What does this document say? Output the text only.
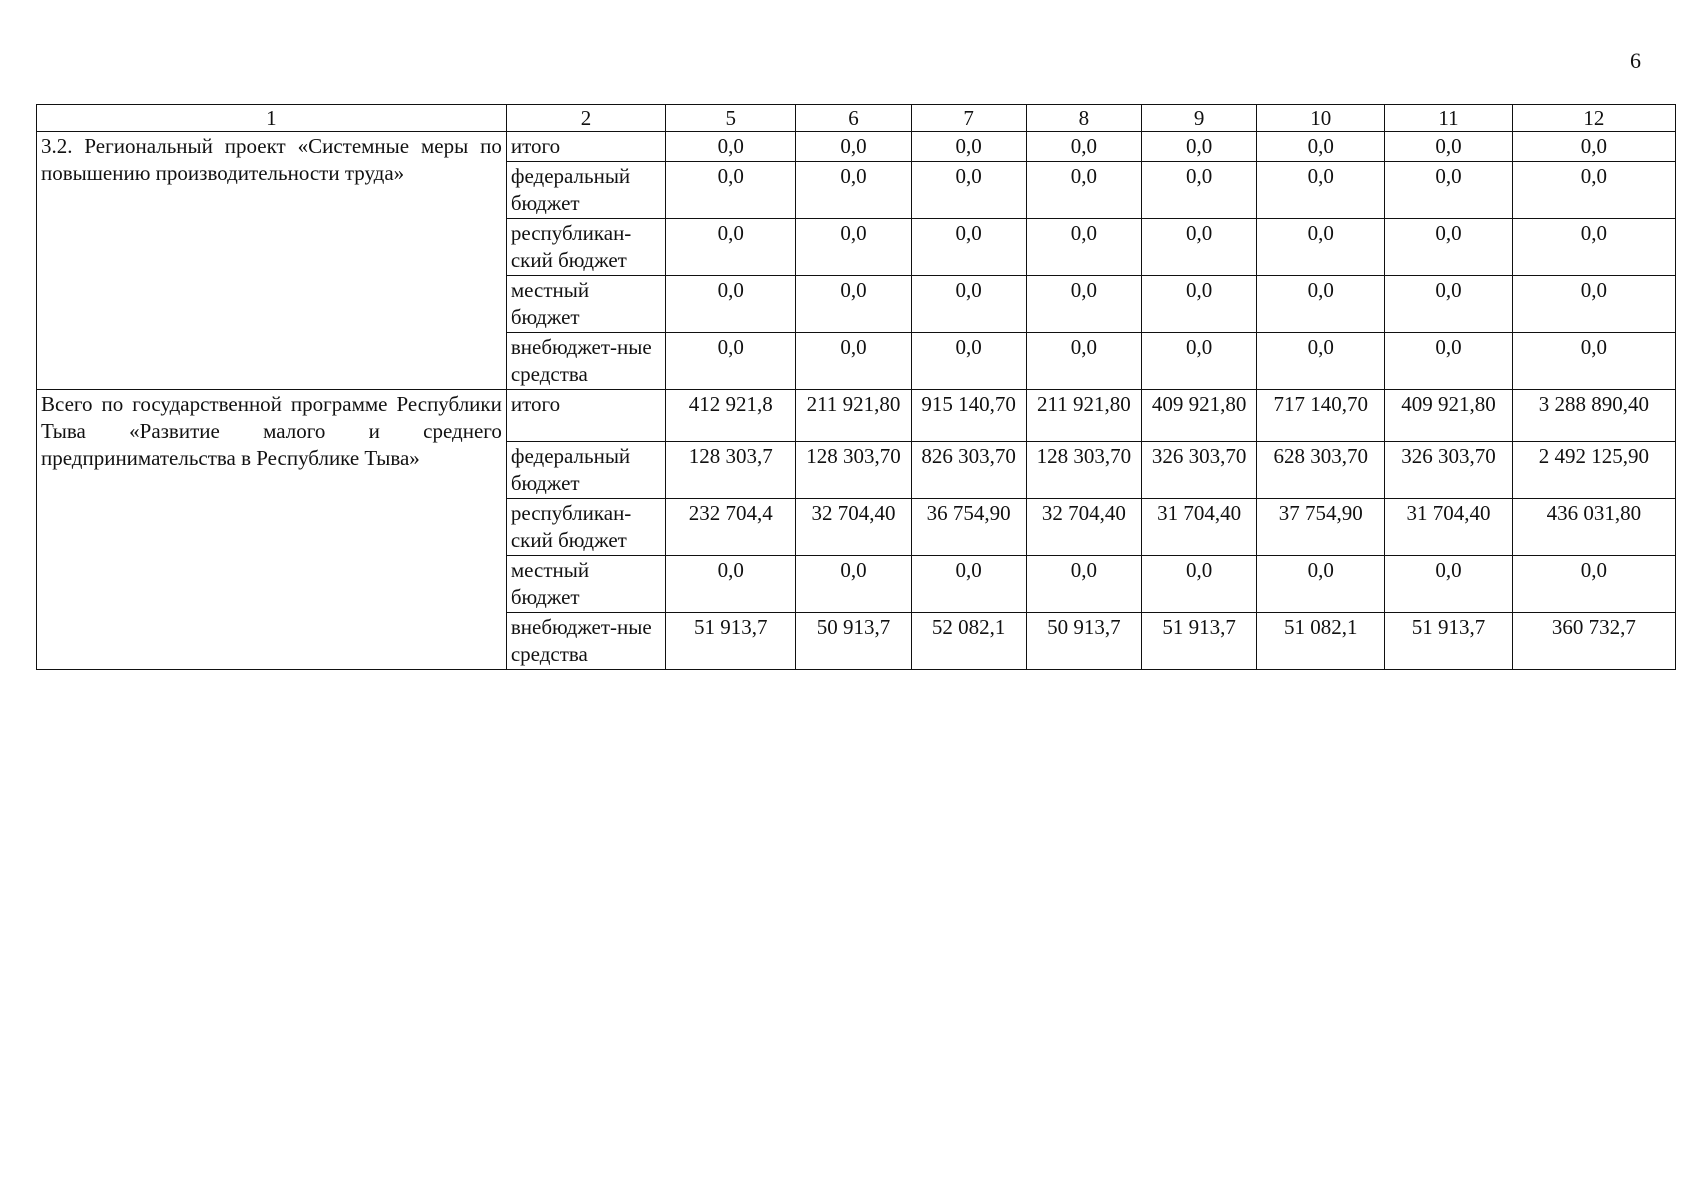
6
1	2	5	6	7	8	9	10	11	12
3.2. Региональный проект «Системные меры по повышению производительности труда»	итого	0,0	0,0	0,0	0,0	0,0	0,0	0,0	0,0
	федеральный бюджет	0,0	0,0	0,0	0,0	0,0	0,0	0,0	0,0
	республикан-ский бюджет	0,0	0,0	0,0	0,0	0,0	0,0	0,0	0,0
	местный бюджет	0,0	0,0	0,0	0,0	0,0	0,0	0,0	0,0
	внебюджет-ные средства	0,0	0,0	0,0	0,0	0,0	0,0	0,0	0,0
Всего по государственной программе Республики Тыва «Развитие малого и среднего предпринимательства в Республике Тыва»	итого	412 921,8	211 921,80	915 140,70	211 921,80	409 921,80	717 140,70	409 921,80	3 288 890,40
	федеральный бюджет	128 303,7	128 303,70	826 303,70	128 303,70	326 303,70	628 303,70	326 303,70	2 492 125,90
	республикан-ский бюджет	232 704,4	32 704,40	36 754,90	32 704,40	31 704,40	37 754,90	31 704,40	436 031,80
	местный бюджет	0,0	0,0	0,0	0,0	0,0	0,0	0,0	0,0
	внебюджет-ные средства	51 913,7	50 913,7	52 082,1	50 913,7	51 913,7	51 082,1	51 913,7	360 732,7
